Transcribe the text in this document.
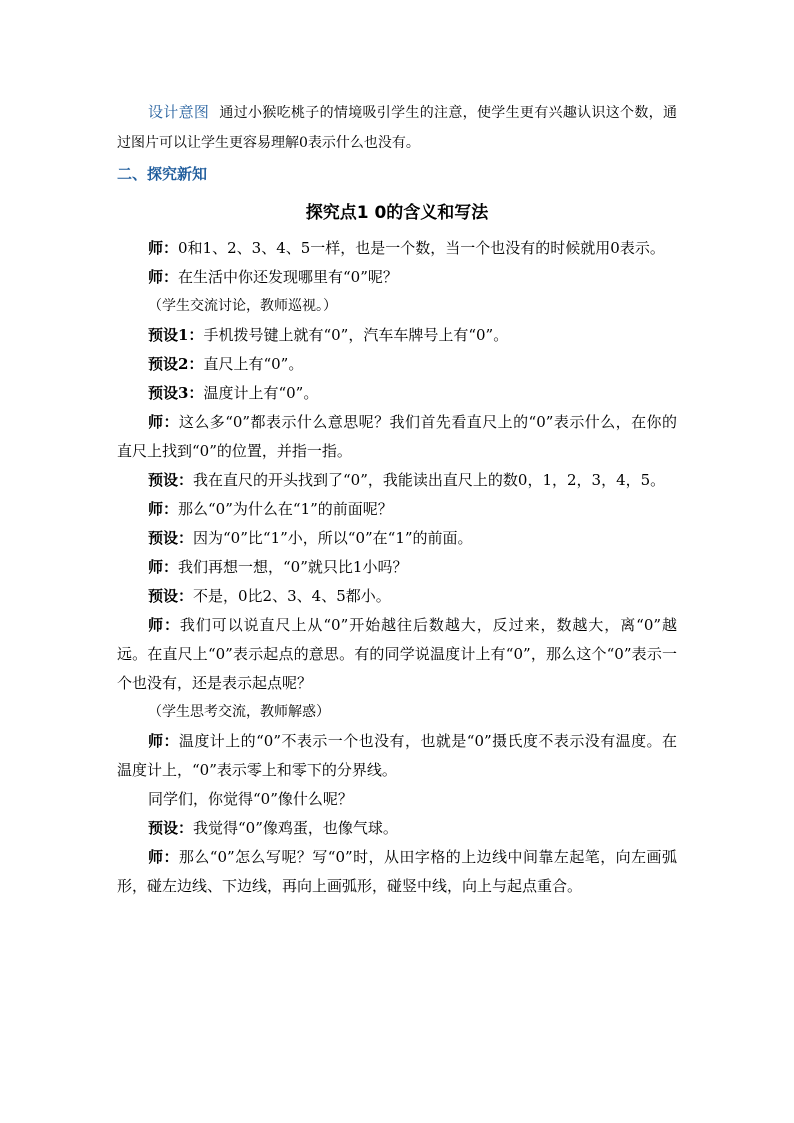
设计意图 通过小猴吃桃子的情境吸引学生的注意，使学生更有兴趣认识这个数，通过图片可以让学生更容易理解0表示什么也没有。

二、探究新知

探究点1 0的含义和写法

师：0和1、2、3、4、5一样，也是一个数，当一个也没有的时候就用0表示。

师：在生活中你还发现哪里有“0”呢？

（学生交流讨论，教师巡视。）

预设1：手机拨号键上就有“0”，汽车车牌号上有“0”。

预设2：直尺上有“0”。

预设3：温度计上有“0”。

师：这么多“0”都表示什么意思呢？我们首先看直尺上的“0”表示什么，在你的直尺上找到“0”的位置，并指一指。

预设：我在直尺的开头找到了“0”，我能读出直尺上的数0，1，2，3，4，5。

师：那么“0”为什么在“1”的前面呢？

预设：因为“0”比“1”小，所以“0”在“1”的前面。

师：我们再想一想，“0”就只比1小吗？

预设：不是，0比2、3、4、5都小。

师：我们可以说直尺上从“0”开始越往后数越大，反过来，数越大，离“0”越远。在直尺上“0”表示起点的意思。有的同学说温度计上有“0”，那么这个“0”表示一个也没有，还是表示起点呢？

（学生思考交流，教师解惑）

师：温度计上的“0”不表示一个也没有，也就是“0”摄氏度不表示没有温度。在温度计上，“0”表示零上和零下的分界线。

同学们，你觉得“0”像什么呢？

预设：我觉得“0”像鸡蛋，也像气球。

师：那么“0”怎么写呢？写“0”时，从田字格的上边线中间靠左起笔，向左画弧形，碰左边线、下边线，再向上画弧形，碰竖中线，向上与起点重合。
